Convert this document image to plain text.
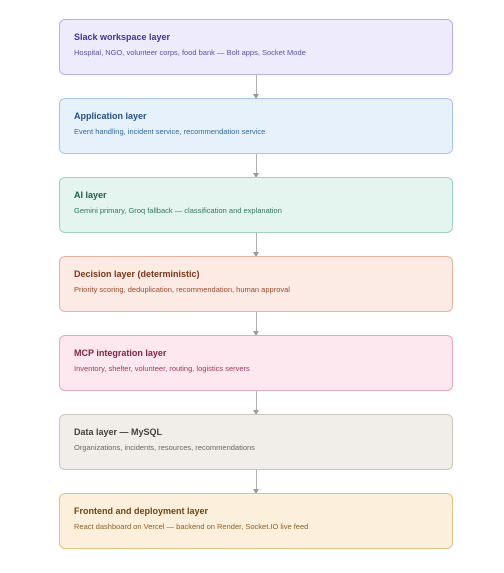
Slack workspace layer
Hospital, NGO, volunteer corps, food bank — Bolt apps, Socket Mode
Application layer
Event handling, incident service, recommendation service
AI layer
Gemini primary, Groq fallback — classification and explanation
Decision layer (deterministic)
Priority scoring, deduplication, recommendation, human approval
MCP integration layer
Inventory, shelter, volunteer, routing, logistics servers
Data layer — MySQL
Organizations, incidents, resources, recommendations
Frontend and deployment layer
React dashboard on Vercel — backend on Render, Socket.IO live feed
